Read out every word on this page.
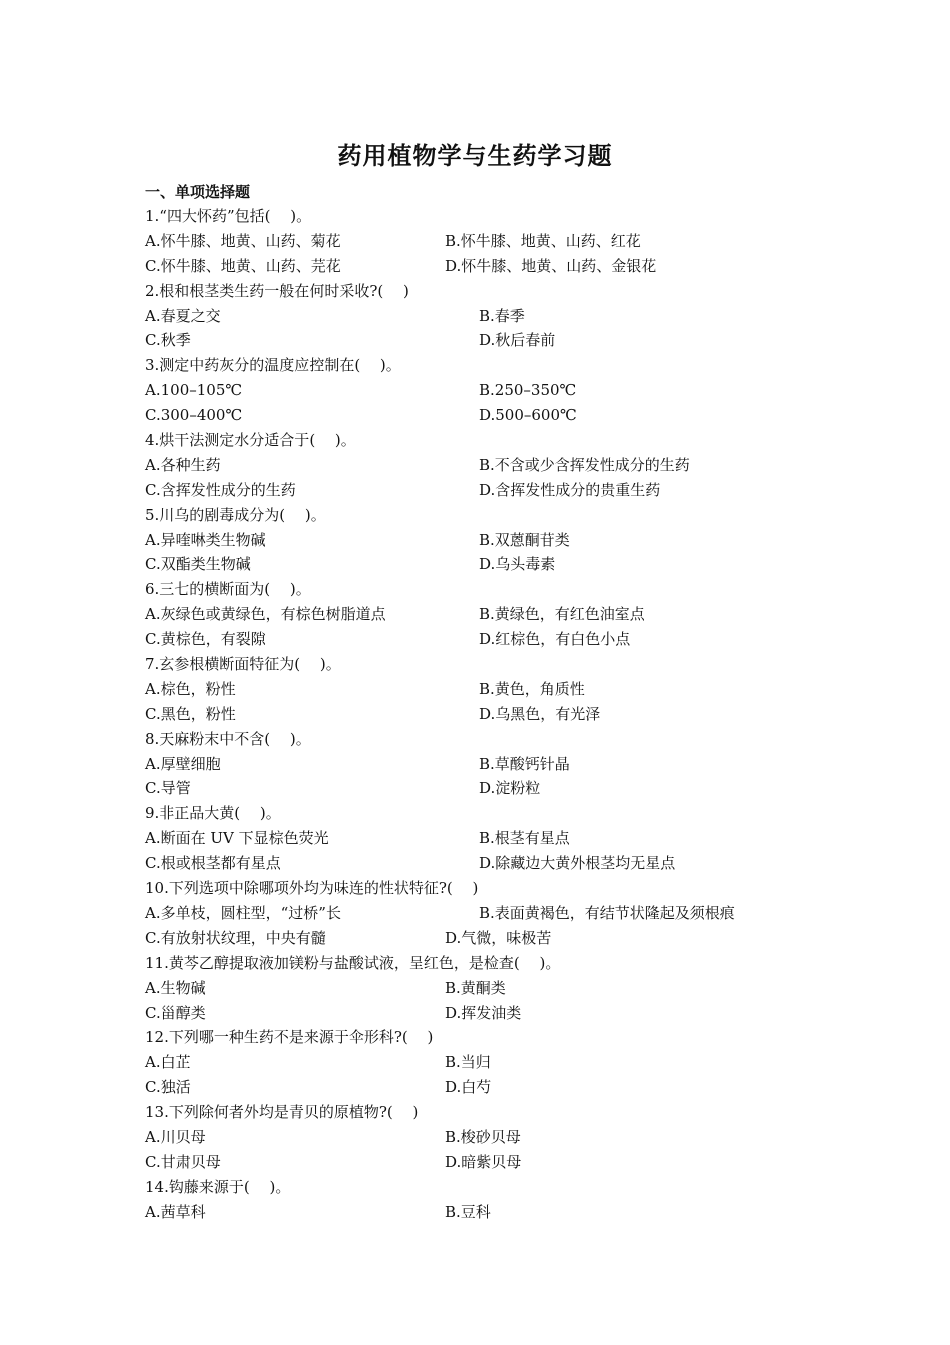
药用植物学与生药学习题
一、单项选择题
1.“四大怀药”包括(　 )。
A.怀牛膝、地黄、山药、菊花	B.怀牛膝、地黄、山药、红花
C.怀牛膝、地黄、山药、芫花	D.怀牛膝、地黄、山药、金银花
2.根和根茎类生药一般在何时采收?(　 )
A.春夏之交	B.春季
C.秋季	D.秋后春前
3.测定中药灰分的温度应控制在(　 )。
A.100–105℃	B.250–350℃
C.300–400℃	D.500–600℃
4.烘干法测定水分适合于(　 )。
A.各种生药	B.不含或少含挥发性成分的生药
C.含挥发性成分的生药	D.含挥发性成分的贵重生药
5.川乌的剧毒成分为(　 )。
A.异喹啉类生物碱	B.双蒽酮苷类
C.双酯类生物碱	D.乌头毒素
6.三七的横断面为(　 )。
A.灰绿色或黄绿色，有棕色树脂道点	B.黄绿色，有红色油室点
C.黄棕色，有裂隙	D.红棕色，有白色小点
7.玄参根横断面特征为(　 )。
A.棕色，粉性	B.黄色，角质性
C.黑色，粉性	D.乌黑色，有光泽
8.天麻粉末中不含(　 )。
A.厚壁细胞	B.草酸钙针晶
C.导管	D.淀粉粒
9.非正品大黄(　 )。
A.断面在 UV 下显棕色荧光	B.根茎有星点
C.根或根茎都有星点	D.除藏边大黄外根茎均无星点
10.下列选项中除哪项外均为味连的性状特征?(　 )
A.多单枝，圆柱型，“过桥”长	B.表面黄褐色，有结节状隆起及须根痕
C.有放射状纹理，中央有髓	D.气微，味极苦
11.黄芩乙醇提取液加镁粉与盐酸试液，呈红色，是检查(　 )。
A.生物碱	B.黄酮类
C.甾醇类	D.挥发油类
12.下列哪一种生药不是来源于伞形科?(　 )
A.白芷	B.当归
C.独活	D.白芍
13.下列除何者外均是青贝的原植物?(　 )
A.川贝母	B.梭砂贝母
C.甘肃贝母	D.暗紫贝母
14.钩藤来源于(　 )。
A.茜草科	B.豆科
